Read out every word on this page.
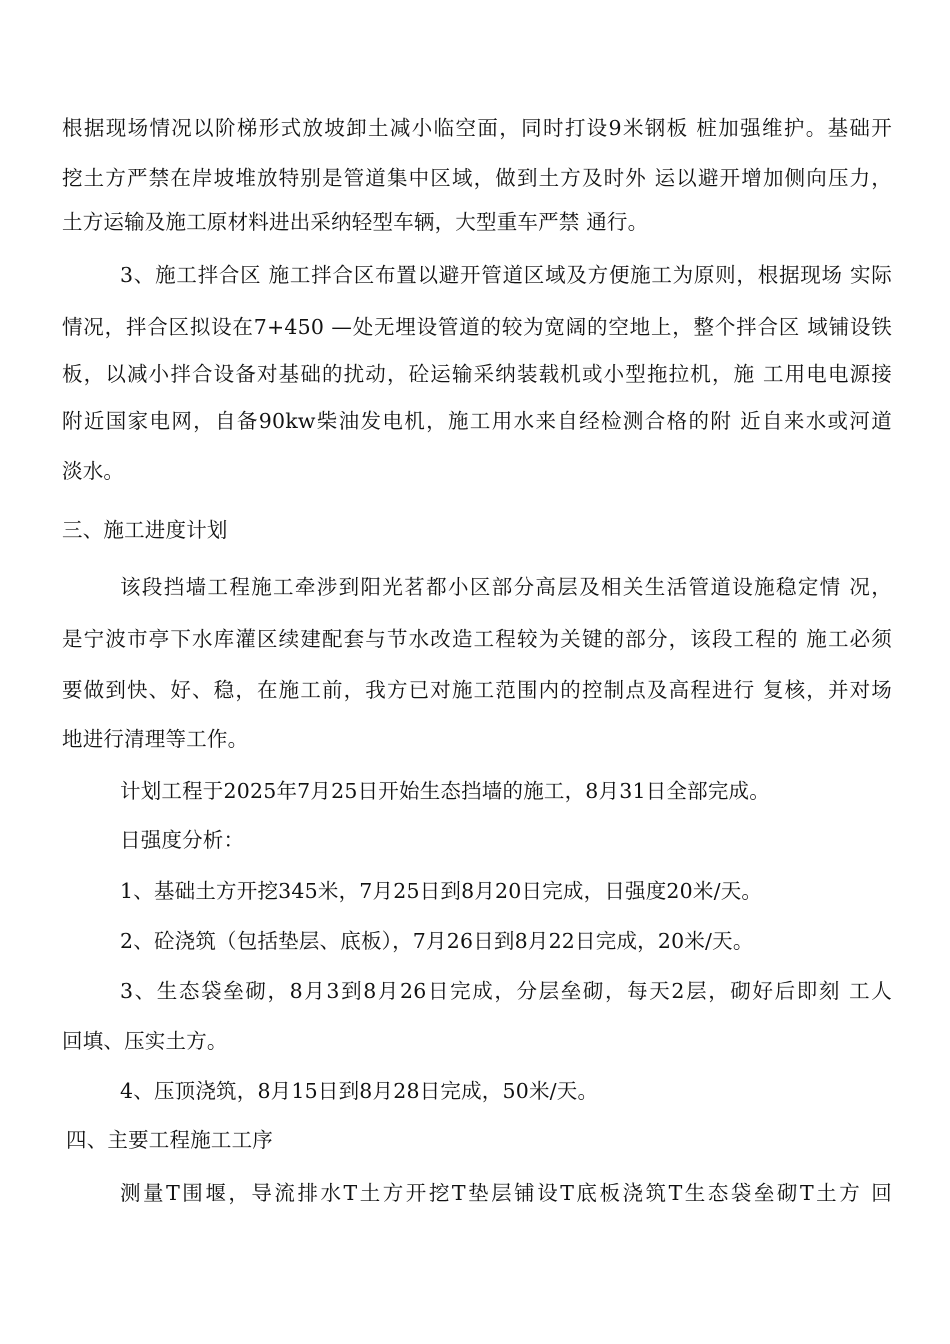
根据现场情况以阶梯形式放坡卸土减小临空面，同时打设9米钢板 桩加强维护。基础开
挖土方严禁在岸坡堆放特别是管道集中区域，做到土方及时外 运以避开增加侧向压力，
土方运输及施工原材料进出采纳轻型车辆，大型重车严禁 通行。
3、施工拌合区 施工拌合区布置以避开管道区域及方便施工为原则，根据现场 实际
情况，拌合区拟设在7+450 —处无埋设管道的较为宽阔的空地上，整个拌合区 域铺设铁
板，以减小拌合设备对基础的扰动，砼运输采纳装载机或小型拖拉机，施 工用电电源接
附近国家电网，自备90kw柴油发电机，施工用水来自经检测合格的附 近自来水或河道
淡水。
三、施工进度计划
该段挡墙工程施工牵涉到阳光茗都小区部分高层及相关生活管道设施稳定情 况，
是宁波市亭下水库灌区续建配套与节水改造工程较为关键的部分，该段工程的 施工必须
要做到快、好、稳，在施工前，我方已对施工范围内的控制点及高程进行 复核，并对场
地进行清理等工作。
计划工程于2025年7月25日开始生态挡墙的施工，8月31日全部完成。
日强度分析：
1、基础土方开挖345米，7月25日到8月20日完成，日强度20米/天。
2、砼浇筑（包括垫层、底板），7月26日到8月22日完成，20米/天。
3、生态袋垒砌，8月3到8月26日完成，分层垒砌，每天2层，砌好后即刻 工人
回填、压实土方。
4、压顶浇筑，8月15日到8月28日完成，50米/天。
四、主要工程施工工序
测量T围堰，导流排水T土方开挖T垫层铺设T底板浇筑T生态袋垒砌T土方 回
